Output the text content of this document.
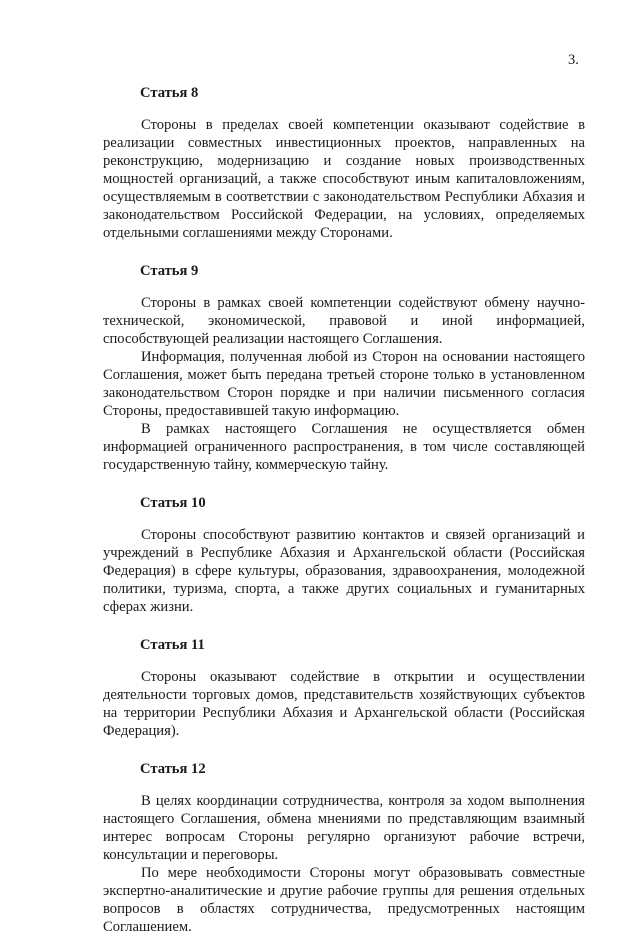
3.
Статья 8

Стороны в пределах своей компетенции оказывают содействие в реализации совместных инвестиционных проектов, направленных на реконструкцию, модернизацию и создание новых производственных мощностей организаций, а также способствуют иным капиталовложениям, осуществляемым в соответствии с законодательством Республики Абхазия и законодательством Российской Федерации, на условиях, определяемых отдельными соглашениями между Сторонами.

Статья 9

Стороны в рамках своей компетенции содействуют обмену научно-технической, экономической, правовой и иной информацией, способствующей реализации настоящего Соглашения.

Информация, полученная любой из Сторон на основании настоящего Соглашения, может быть передана третьей стороне только в установленном законодательством Сторон порядке и при наличии письменного согласия Стороны, предоставившей такую информацию.

В рамках настоящего Соглашения не осуществляется обмен информацией ограниченного распространения, в том числе составляющей государственную тайну, коммерческую тайну.

Статья 10

Стороны способствуют развитию контактов и связей организаций и учреждений в Республике Абхазия и Архангельской области (Российская Федерация) в сфере культуры, образования, здравоохранения, молодежной политики, туризма, спорта, а также других социальных и гуманитарных сферах жизни.

Статья 11

Стороны оказывают содействие в открытии и осуществлении деятельности торговых домов, представительств хозяйствующих субъектов на территории Республики Абхазия и Архангельской области (Российская Федерация).

Статья 12

В целях координации сотрудничества, контроля за ходом выполнения настоящего Соглашения, обмена мнениями по представляющим взаимный интерес вопросам Стороны регулярно организуют рабочие встречи, консультации и переговоры.

По мере необходимости Стороны могут образовывать совместные экспертно-аналитические и другие рабочие группы для решения отдельных вопросов в областях сотрудничества, предусмотренных настоящим Соглашением.
